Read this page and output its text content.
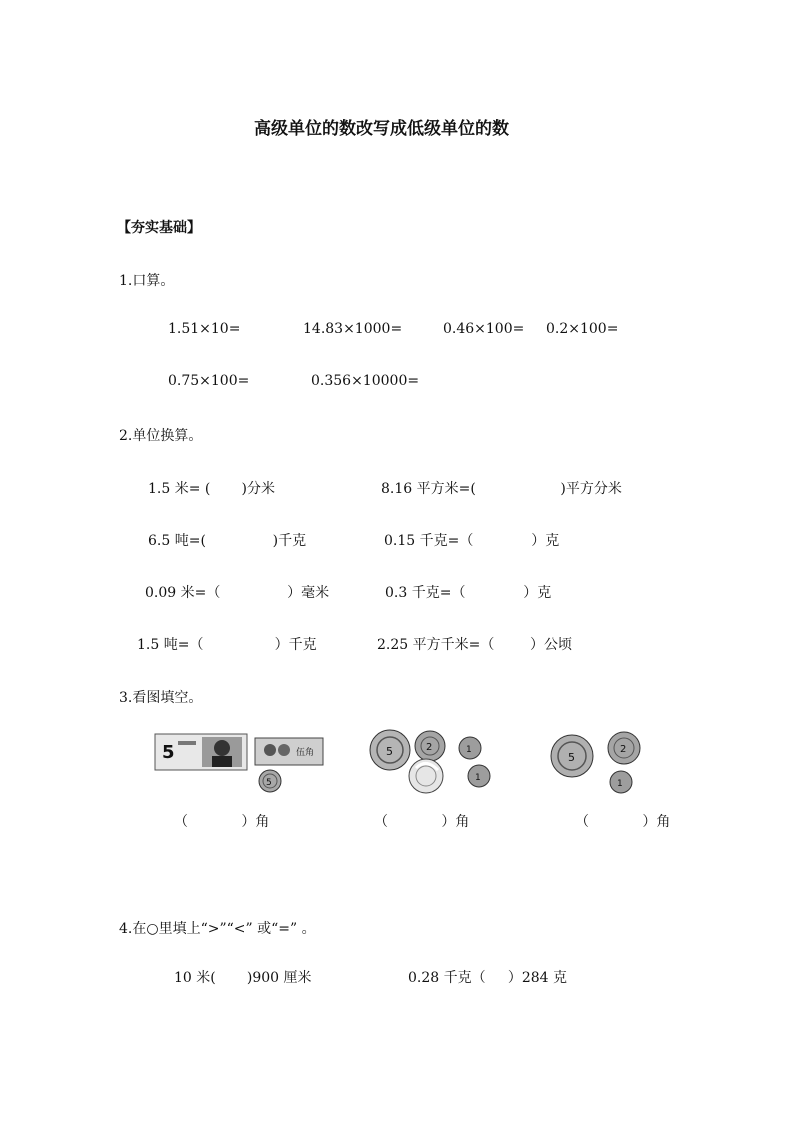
高级单位的数改写成低级单位的数
【夯实基础】
1.口算。
1.51×10=	14.83×1000=	0.46×100= 0.2×100=
0.75×100=	0.356×10000=
2.单位换算。
1.5 米= (       )分米	8.16 平方米=(                   )平方分米
6.5 吨=(               )千克	0.15 千克=（             ）克
0.09 米=（               ）毫米	0.3 千克=（             ）克
1.5 吨=（                ）千克	2.25 平方千米=（        ）公顷
3.看图填空。
5	伍角
5
5	2	1
1
5
2
1
（            ）角	（            ）角	（            ）角
4.在○里填上“>”“<” 或“=” 。
10 米(       )900 厘米	0.28 千克（     ）284 克
